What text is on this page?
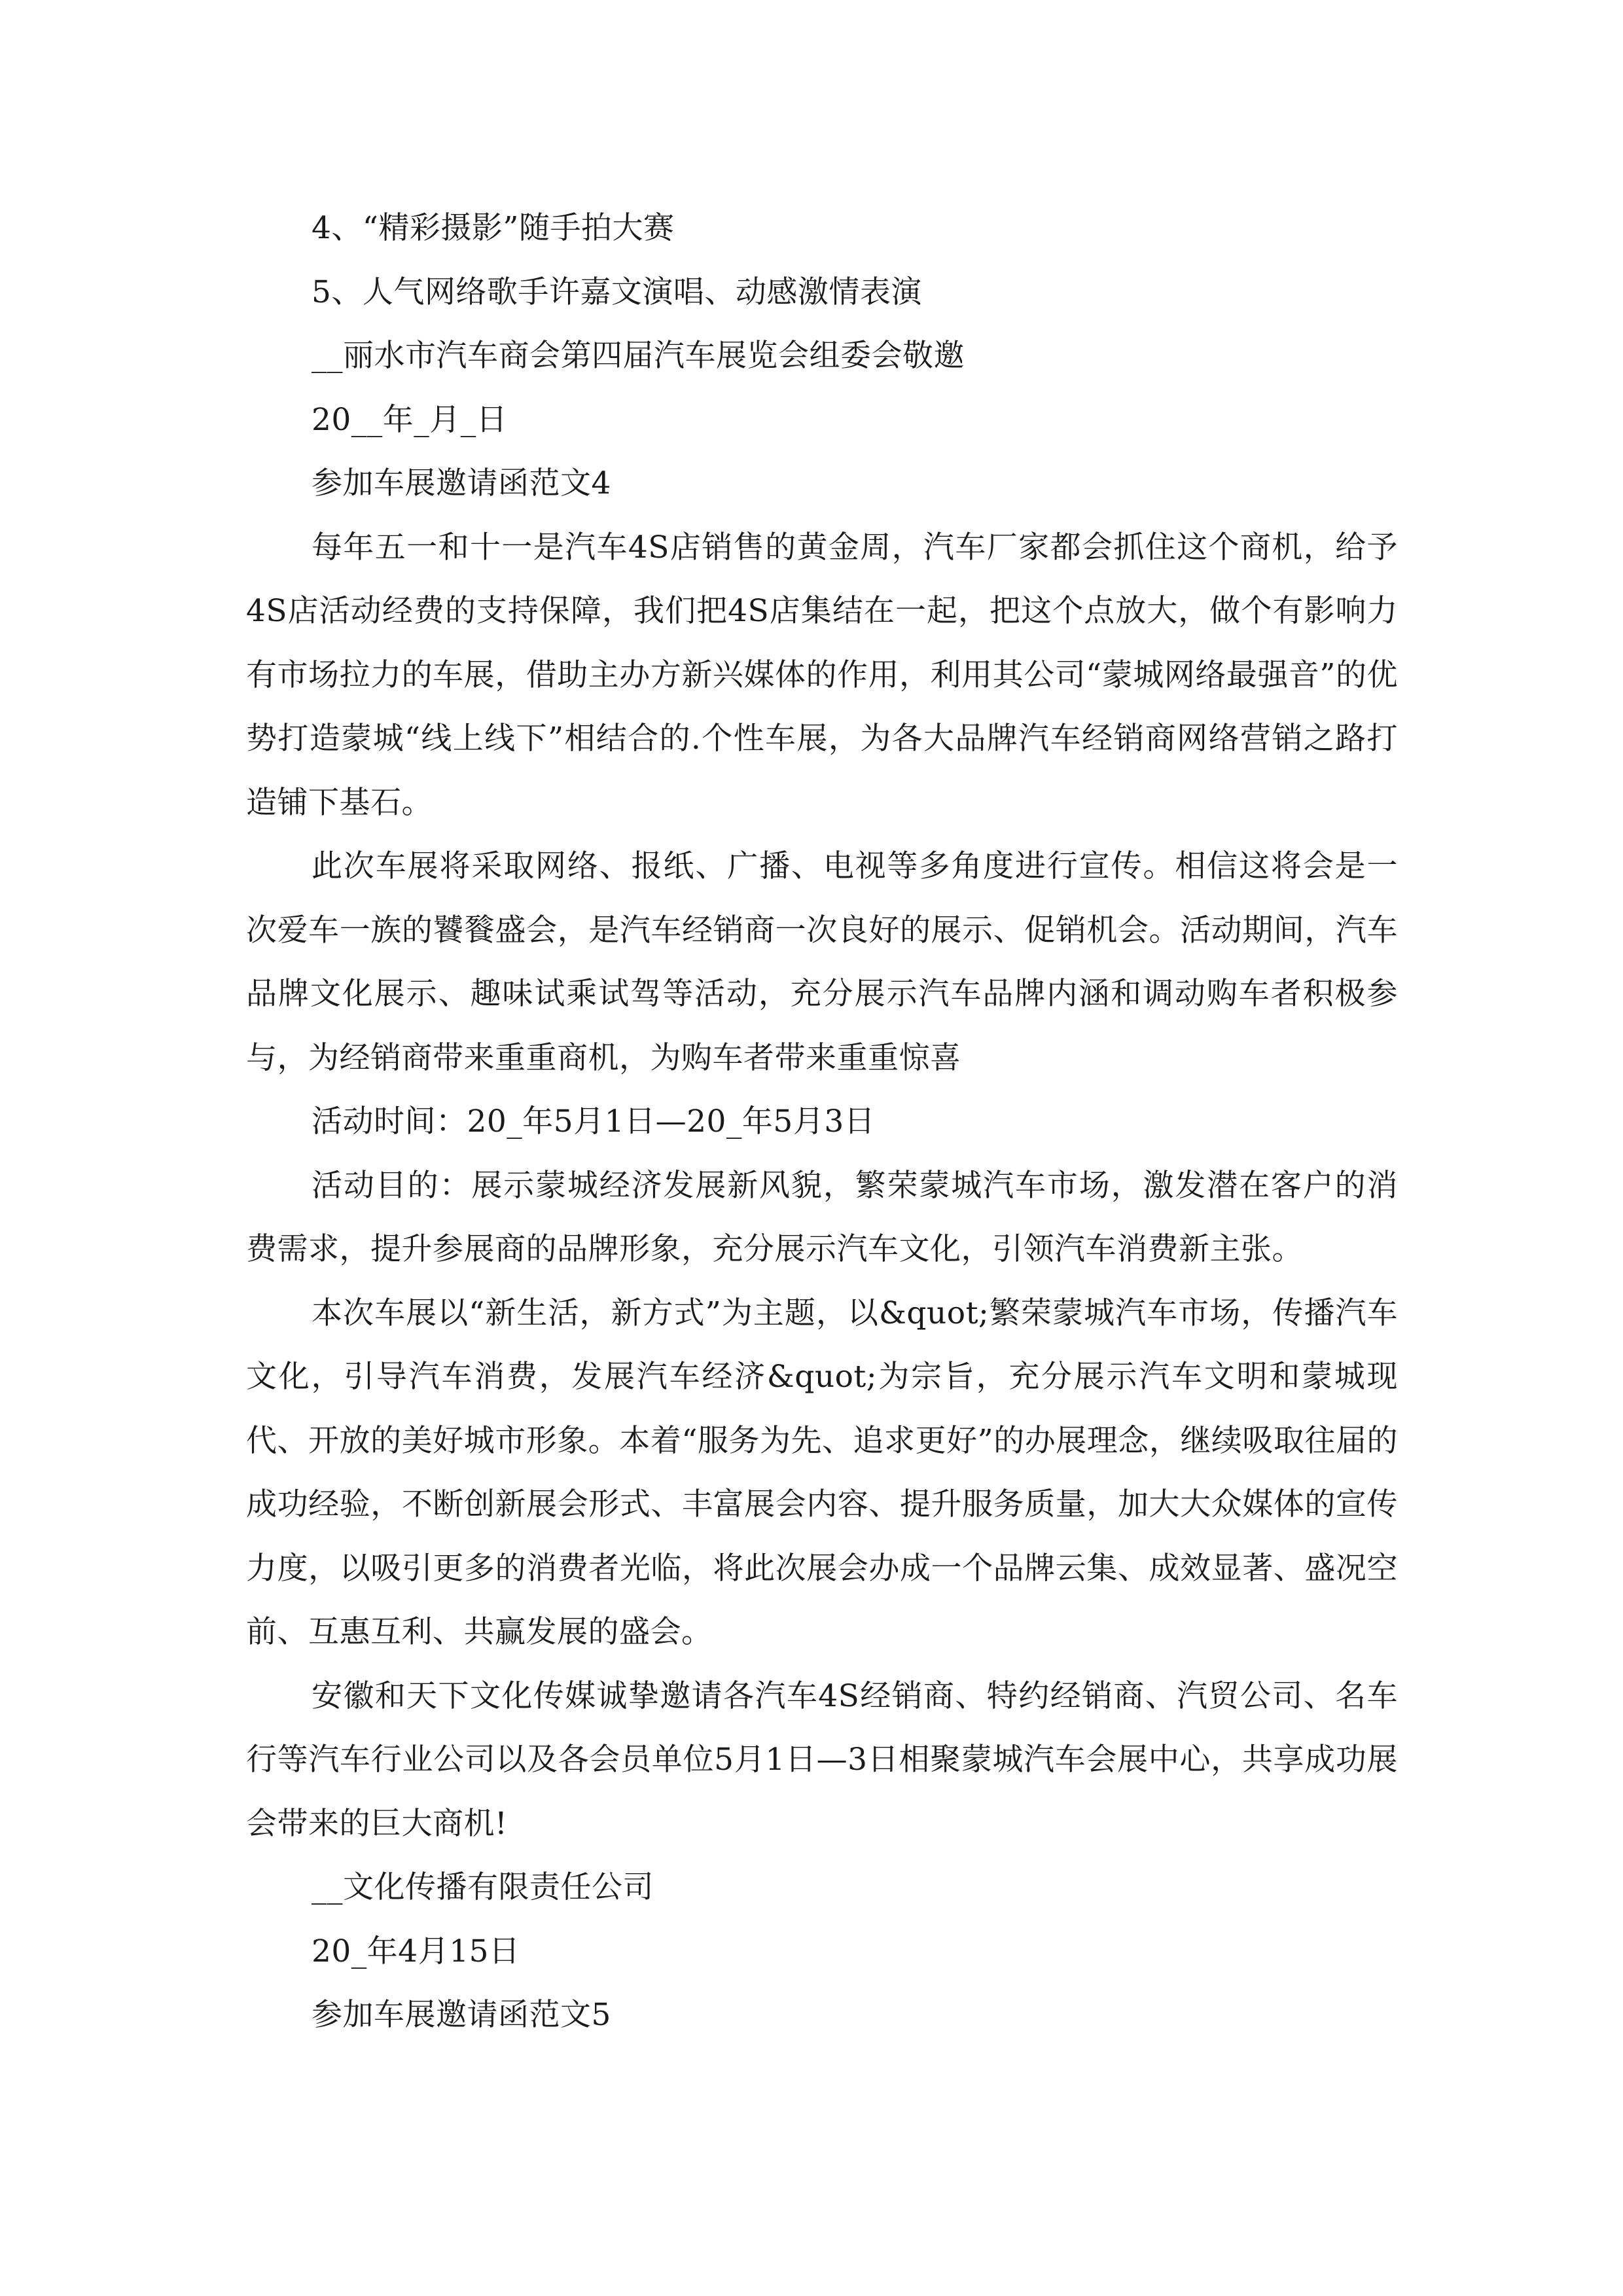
4、“精彩摄影”随手拍大赛
5、人气网络歌手许嘉文演唱、动感激情表演
__丽水市汽车商会第四届汽车展览会组委会敬邀
20__年_月_日
参加车展邀请函范文4

每年五一和十一是汽车4S店销售的黄金周，汽车厂家都会抓住这个商机，给予4S店活动经费的支持保障，我们把4S店集结在一起，把这个点放大，做个有影响力有市场拉力的车展，借助主办方新兴媒体的作用，利用其公司“蒙城网络最强音”的优势打造蒙城“线上线下”相结合的.个性车展，为各大品牌汽车经销商网络营销之路打造铺下基石。

此次车展将采取网络、报纸、广播、电视等多角度进行宣传。相信这将会是一次爱车一族的饕餮盛会，是汽车经销商一次良好的展示、促销机会。活动期间，汽车品牌文化展示、趣味试乘试驾等活动，充分展示汽车品牌内涵和调动购车者积极参与，为经销商带来重重商机，为购车者带来重重惊喜

活动时间：20_年5月1日—20_年5月3日

活动目的：展示蒙城经济发展新风貌，繁荣蒙城汽车市场，激发潜在客户的消费需求，提升参展商的品牌形象，充分展示汽车文化，引领汽车消费新主张。

本次车展以“新生活，新方式”为主题，以&quot;繁荣蒙城汽车市场，传播汽车文化，引导汽车消费，发展汽车经济&quot;为宗旨，充分展示汽车文明和蒙城现代、开放的美好城市形象。本着“服务为先、追求更好”的办展理念，继续吸取往届的成功经验，不断创新展会形式、丰富展会内容、提升服务质量，加大大众媒体的宣传力度，以吸引更多的消费者光临，将此次展会办成一个品牌云集、成效显著、盛况空前、互惠互利、共赢发展的盛会。

安徽和天下文化传媒诚挚邀请各汽车4S经销商、特约经销商、汽贸公司、名车行等汽车行业公司以及各会员单位5月1日—3日相聚蒙城汽车会展中心，共享成功展会带来的巨大商机!

__文化传播有限责任公司
20_年4月15日
参加车展邀请函范文5
